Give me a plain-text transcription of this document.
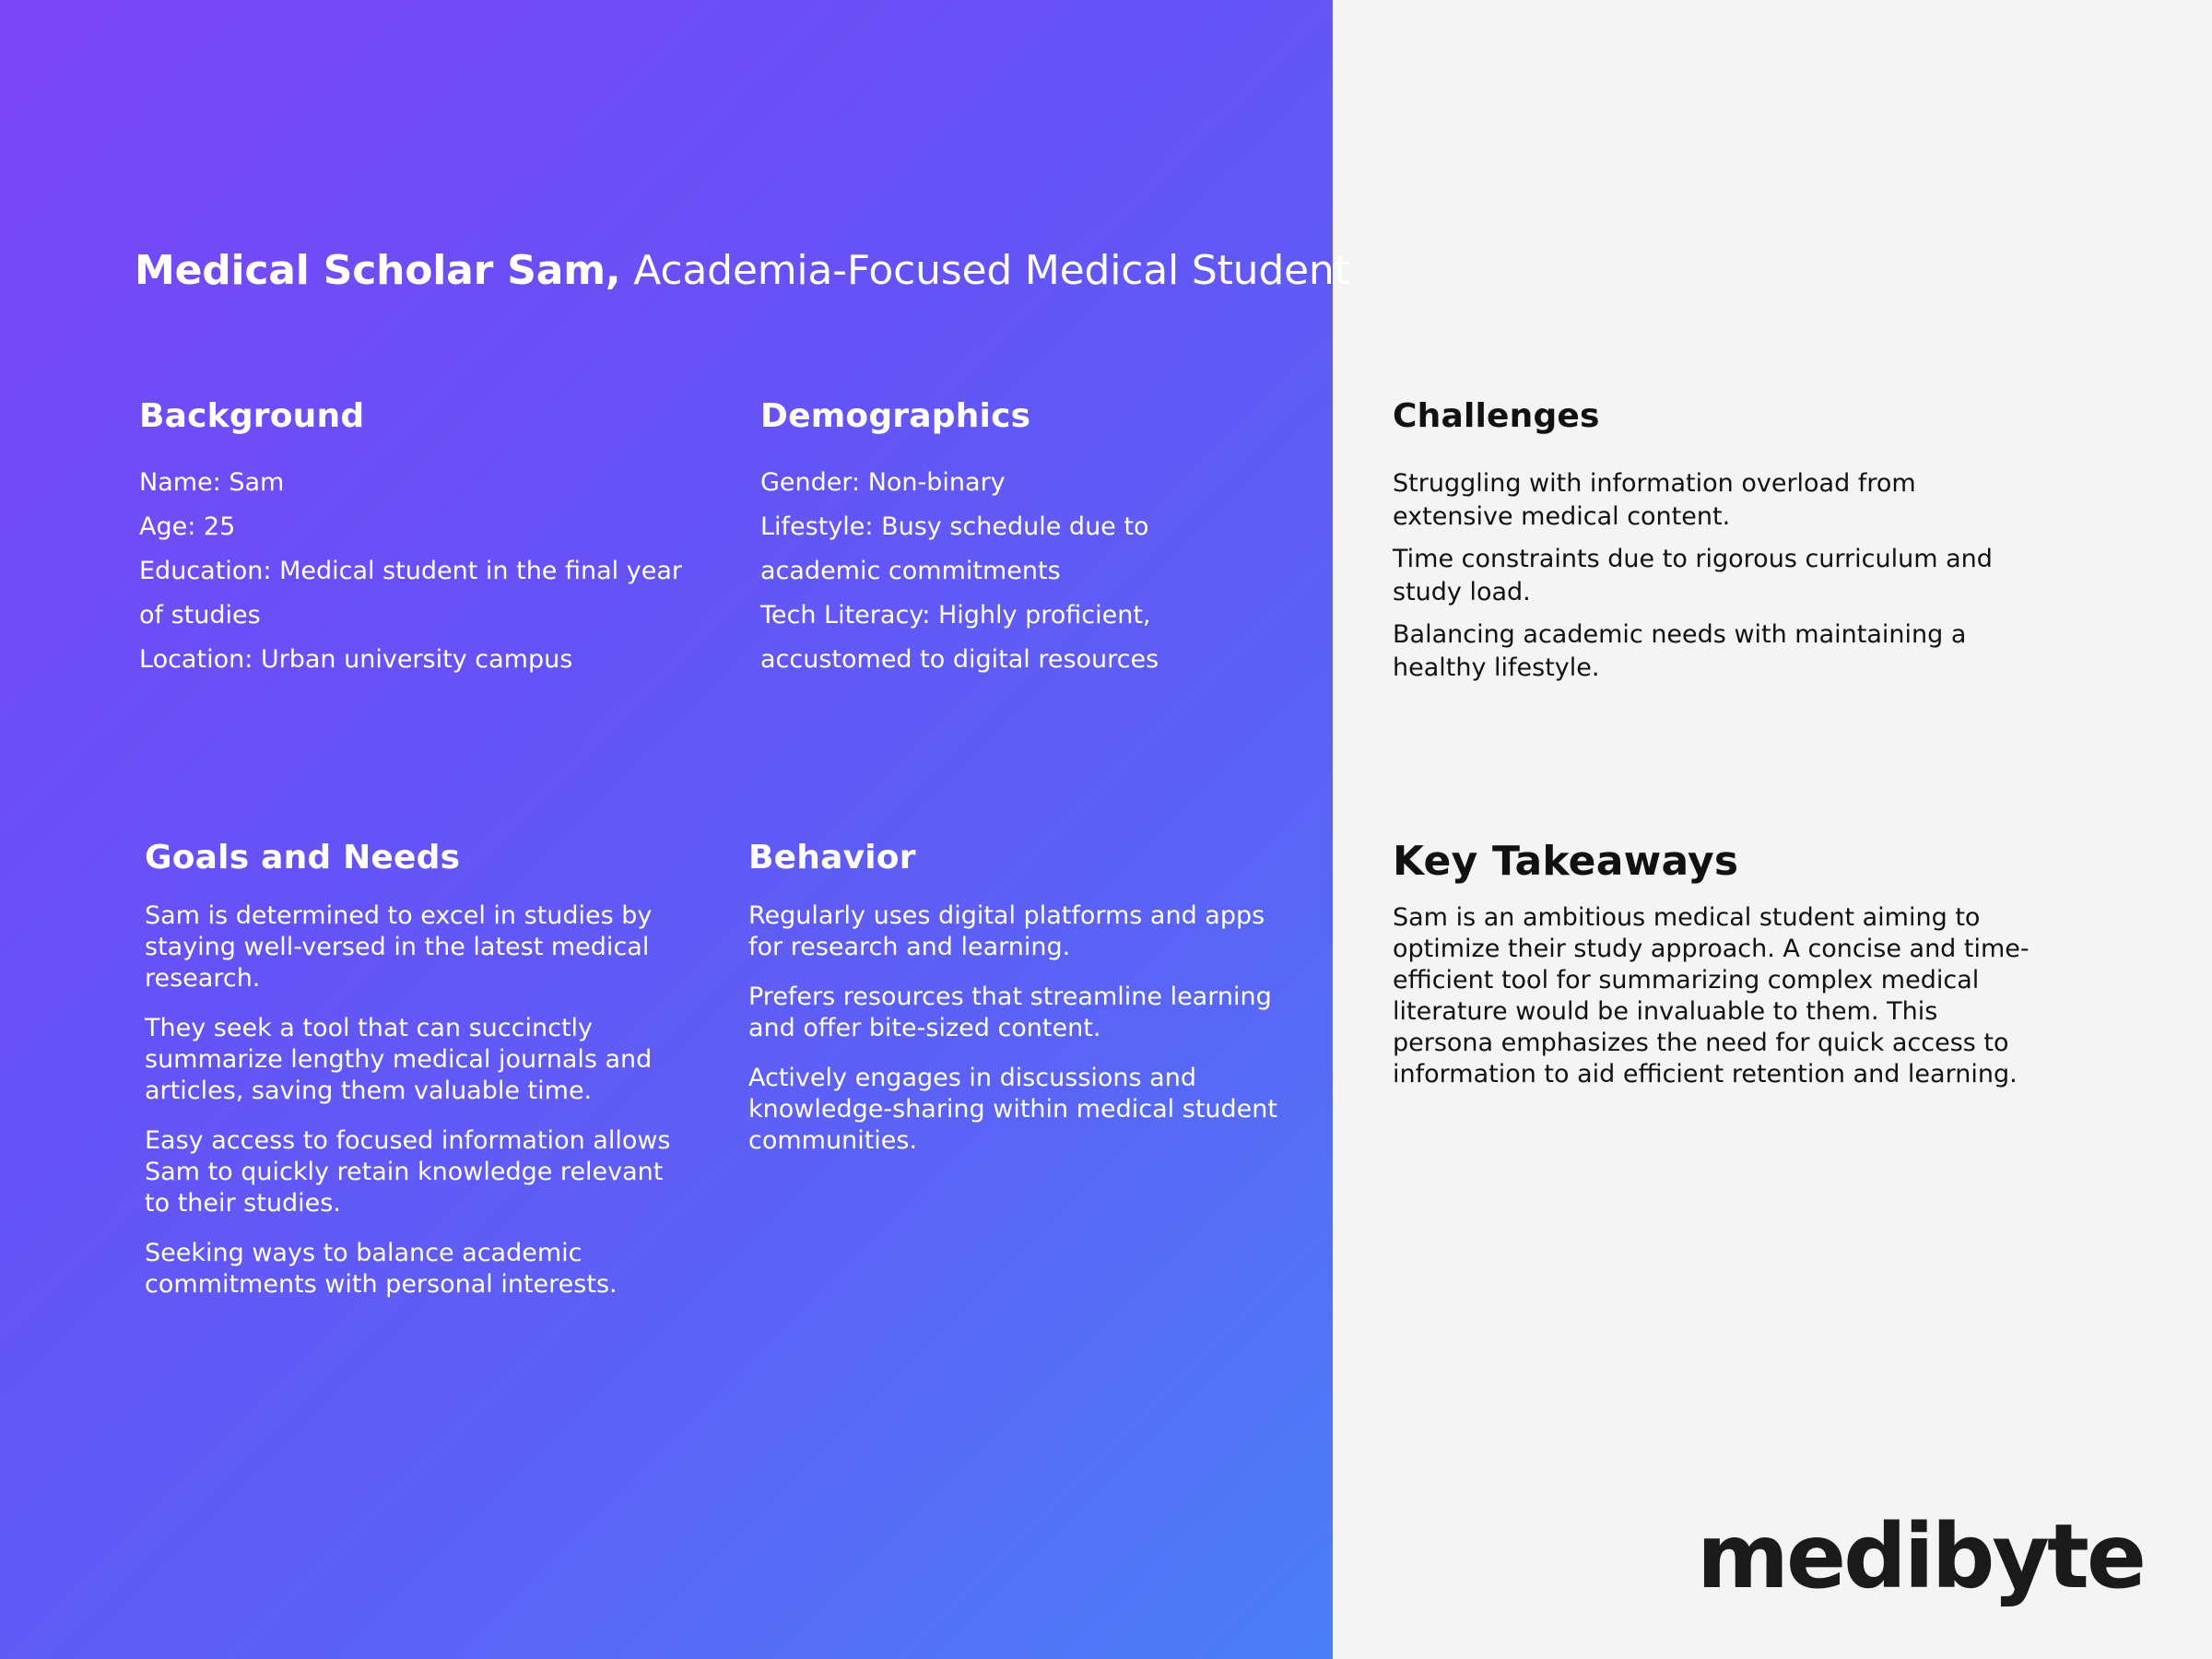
Medical Scholar Sam, Academia-Focused Medical Student
Background

Name: Sam

Age: 25

Education: Medical student in the final year of studies

Location: Urban university campus

Demographics

Gender: Non-binary

Lifestyle: Busy schedule due to academic commitments

Tech Literacy: Highly proficient, accustomed to digital resources

Challenges

Struggling with information overload from extensive medical content.

Time constraints due to rigorous curriculum and study load.

Balancing academic needs with maintaining a healthy lifestyle.

Goals and Needs

Sam is determined to excel in studies by staying well-versed in the latest medical research.

They seek a tool that can succinctly summarize lengthy medical journals and articles, saving them valuable time.

Easy access to focused information allows Sam to quickly retain knowledge relevant to their studies.

Seeking ways to balance academic commitments with personal interests.

Behavior

Regularly uses digital platforms and apps for research and learning.

Prefers resources that streamline learning and offer bite-sized content.

Actively engages in discussions and knowledge-sharing within medical student communities.

Key Takeaways

Sam is an ambitious medical student aiming to optimize their study approach. A concise and time-efficient tool for summarizing complex medical literature would be invaluable to them. This persona emphasizes the need for quick access to information to aid efficient retention and learning.

medibyte
